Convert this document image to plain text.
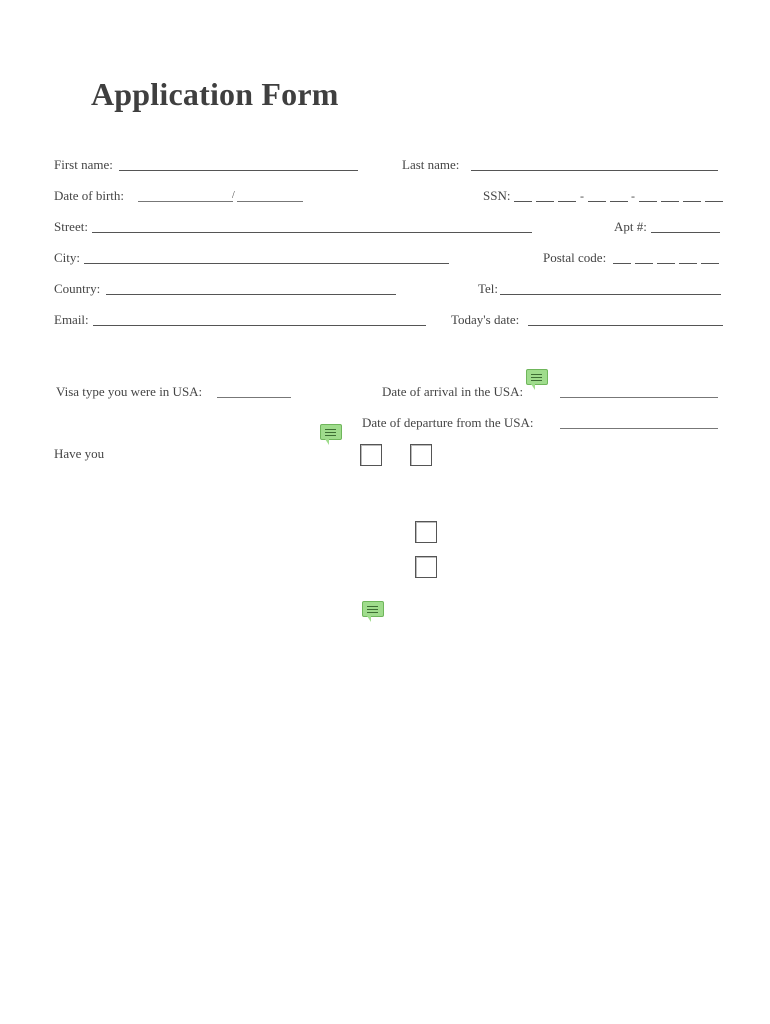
Application Form
First name:	Last name:
Date of birth:	/	SSN:	-	-
Street:	Apt #:
City:	Postal code:
Country:	Tel:
Email:	Today's date:
Visa type you were in USA:	Date of arrival in the USA:
Date of departure from the USA:
Have you
